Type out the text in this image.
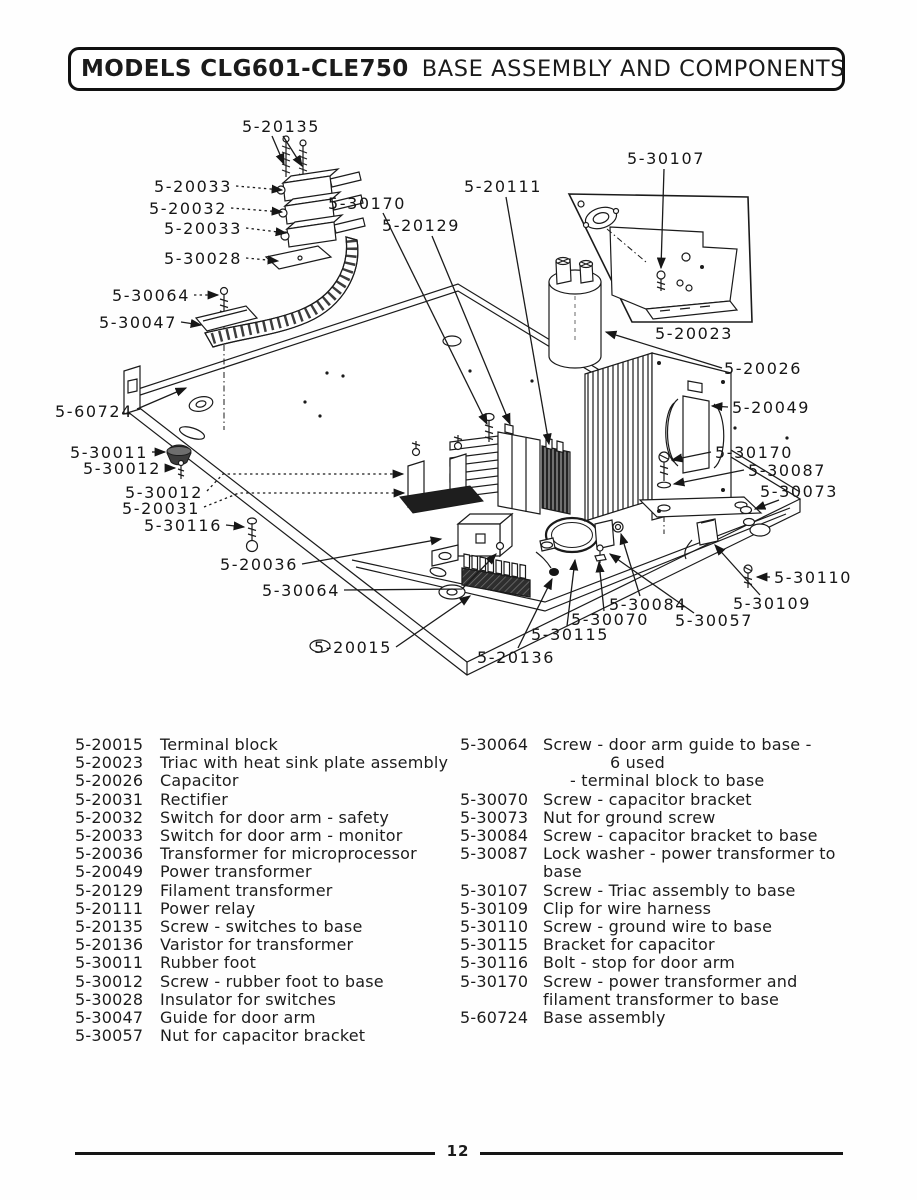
MODELS CLG601-CLE750 BASE ASSEMBLY AND COMPONENTS
5-20135
5-20033
5-20032
5-20033
5-30028
5-30064
5-30047
5-30170
5-20129
5-20111
5-30107
5-20023
5-20026
5-20049
5-60724
5-30011
5-30012
5-30012
5-20031
5-30116
5-20036
5-30064
5-20015
5-20136
5-30115
5-30070
5-30084
5-30057
5-30110
5-30109
5-30073
5-30087
5-30170
5-20015	Terminal block
5-20023	Triac with heat sink plate assembly
5-20026	Capacitor
5-20031	Rectifier
5-20032	Switch for door arm - safety
5-20033	Switch for door arm - monitor
5-20036	Transformer for microprocessor
5-20049	Power transformer
5-20129	Filament transformer
5-20111	Power relay
5-20135	Screw - switches to base
5-20136	Varistor for transformer
5-30011	Rubber foot
5-30012	Screw - rubber foot to base
5-30028	Insulator for switches
5-30047	Guide for door arm
5-30057	Nut for capacitor bracket
5-30064 Screw - door arm guide to base -
6 used
- terminal block to base
5-30070 Screw - capacitor bracket
5-30073 Nut for ground screw
5-30084 Screw - capacitor bracket to base
5-30087 Lock washer - power transformer to
base
5-30107 Screw - Triac assembly to base
5-30109 Clip for wire harness
5-30110 Screw - ground wire to base
5-30115 Bracket for capacitor
5-30116 Bolt - stop for door arm
5-30170 Screw - power transformer and
filament transformer to base
5-60724 Base assembly
12
